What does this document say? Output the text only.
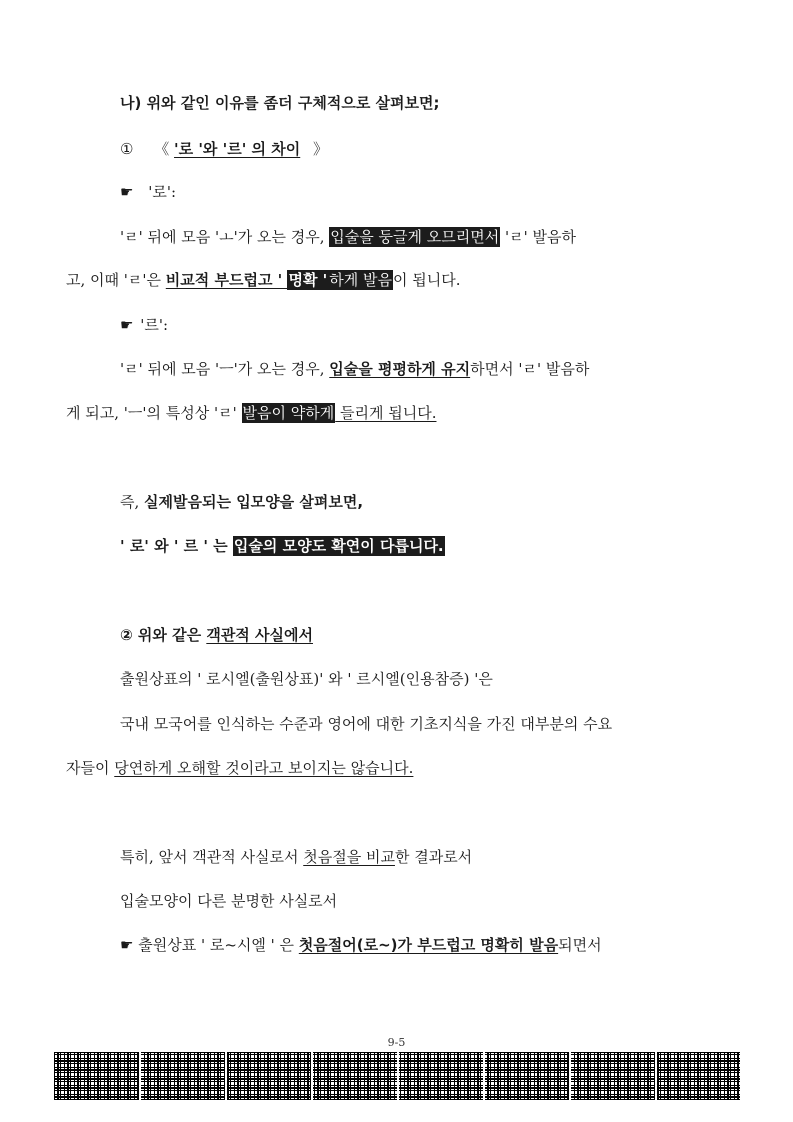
나) 위와 같인 이유를 좀더 구체적으로 살펴보면;
① 《 '로 '와 '르' 의 차이 》
☛ '로':
'ㄹ' 뒤에 모음 'ㅗ'가 오는 경우, 입술을 둥글게 오므리면서 'ㄹ' 발음하
고, 이때 'ㄹ'은 비교적 부드럽고 ' 명확 ' 하게 발음이 됩니다.
☛ '르':
'ㄹ' 뒤에 모음 'ㅡ'가 오는 경우, 입술을 평평하게 유지하면서 'ㄹ' 발음하
게 되고, 'ㅡ'의 특성상 'ㄹ' 발음이 약하게 들리게 됩니다.
즉, 실제발음되는 입모양을 살펴보면,
' 로' 와 ' 르 ' 는 입술의 모양도 확연이 다릅니다.
② 위와 같은 객관적 사실에서
출원상표의 ' 로시엘(출원상표)' 와 ' 르시엘(인용참증) '은
국내 모국어를 인식하는 수준과 영어에 대한 기초지식을 가진 대부분의 수요
자들이 당연하게 오해할 것이라고 보이지는 않습니다.
특히, 앞서 객관적 사실로서 첫음절을 비교한 결과로서
입술모양이 다른 분명한 사실로서
☛ 출원상표 ' 로~시엘 ' 은 첫음절어(로~)가 부드럽고 명확히 발음되면서
9-5
